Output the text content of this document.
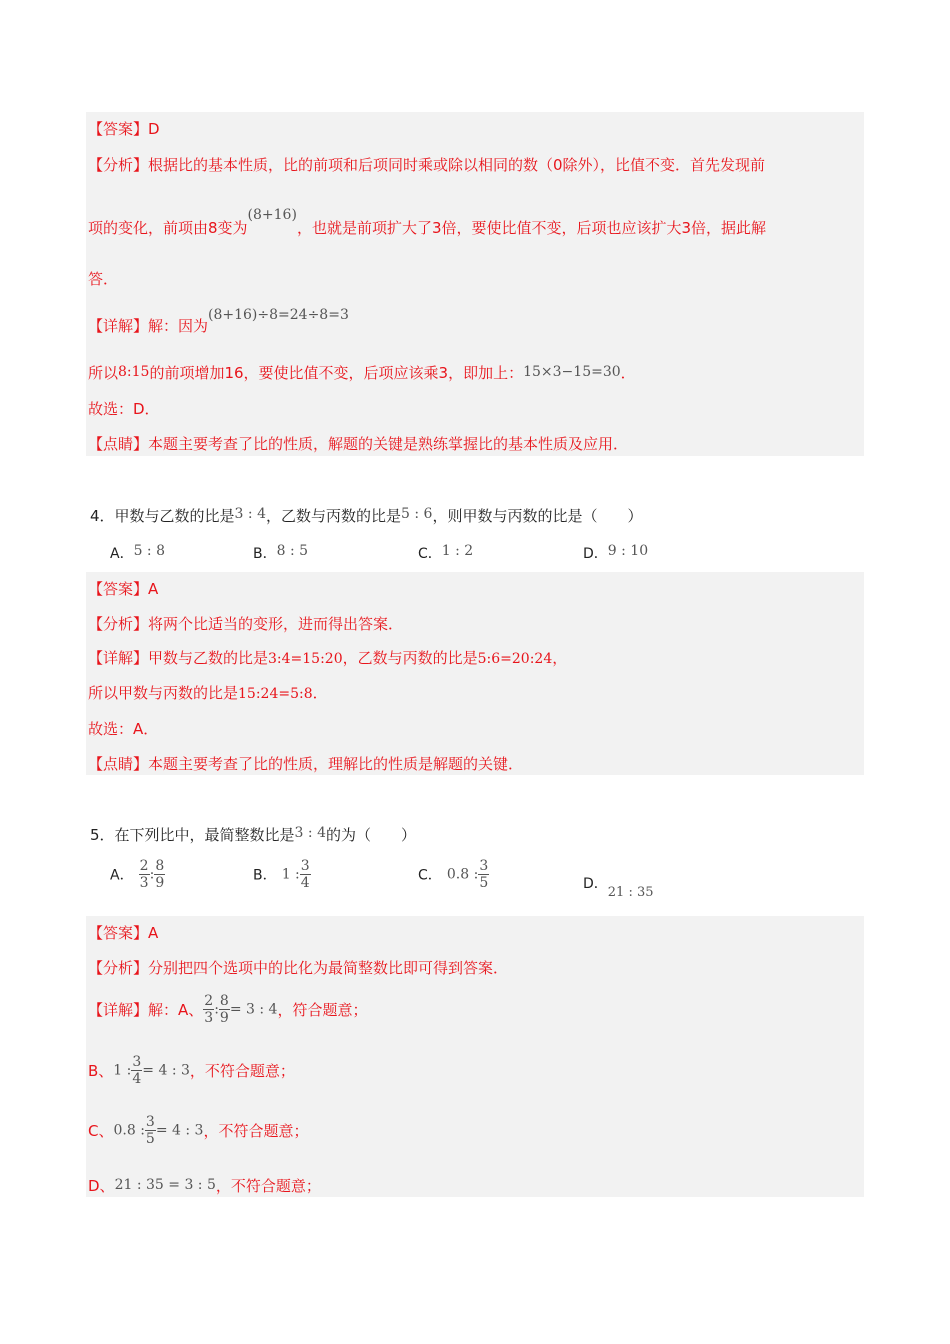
【答案】D
【分析】根据比的基本性质，比的前项和后项同时乘或除以相同的数（0除外），比值不变．首先发现前
项的变化，前项由8变为(8+16)，也就是前项扩大了3倍，要使比值不变，后项也应该扩大3倍，据此解
答．
【详解】解：因为(8+16)÷8=24÷8=3
所以8:15的前项增加16，要使比值不变，后项应该乘3，即加上：15×3−15=30．
故选：D．
【点睛】本题主要考查了比的性质，解题的关键是熟练掌握比的基本性质及应用．
4．甲数与乙数的比是3 : 4，乙数与丙数的比是5 : 6，则甲数与丙数的比是（　　）
A．5 : 8	B．8 : 5	C．1 : 2	D．9 : 10
【答案】A
【分析】将两个比适当的变形，进而得出答案．
【详解】甲数与乙数的比是3:4=15:20，乙数与丙数的比是5:6=20:24，
所以甲数与丙数的比是15:24=5:8．
故选：A．
【点睛】本题主要考查了比的性质，理解比的性质是解题的关键．
5．在下列比中，最简整数比是3 : 4的为（　　）
A． $\frac{2}{3}$ : $\frac{8}{9}$	B． 1 : $\frac{3}{4}$	C． 0.8 : $\frac{3}{5}$	D．$_{21 : 35}$
【答案】A
【分析】分别把四个选项中的比化为最简整数比即可得到答案．
【详解】解：A、 $\frac{2}{3}$ : $\frac{8}{9} = 3$ : 4，符合题意；
B、1 : $\frac{3}{4} = 4$ : 3，不符合题意；
C、0.8 : $\frac{3}{5} = 4$ : 3，不符合题意；
D、21 : 35 = 3 : 5，不符合题意；
